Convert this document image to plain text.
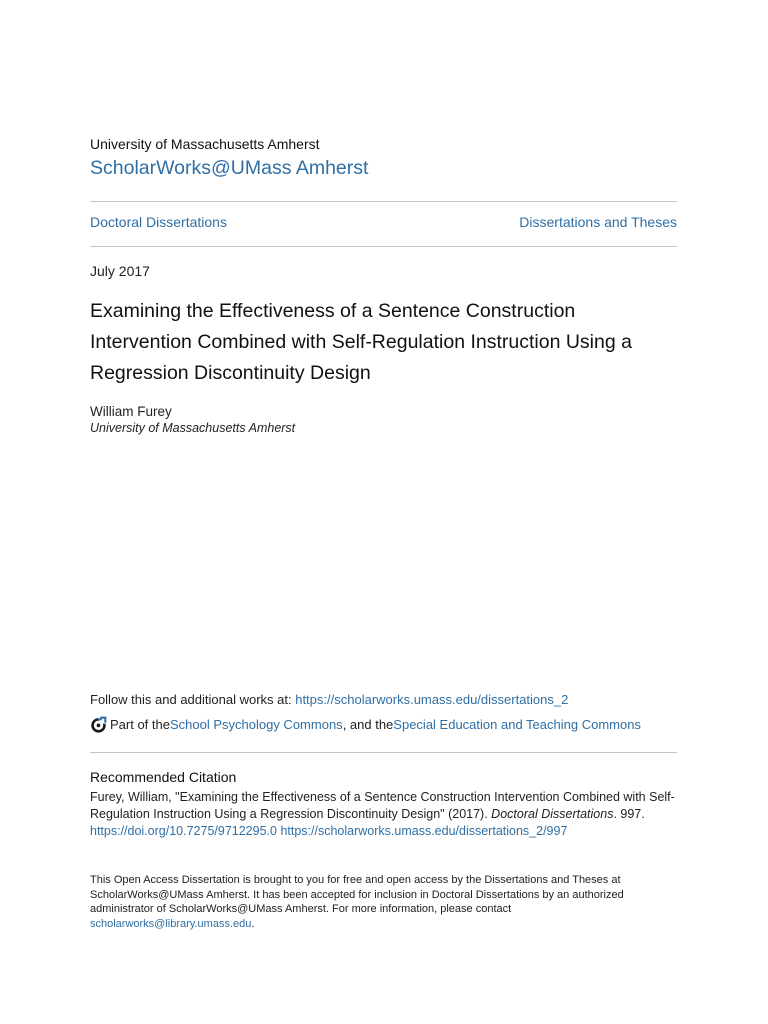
University of Massachusetts Amherst
ScholarWorks@UMass Amherst
Doctoral Dissertations	Dissertations and Theses
July 2017
Examining the Effectiveness of a Sentence Construction
Intervention Combined with Self-Regulation Instruction Using a
Regression Discontinuity Design
William Furey
University of Massachusetts Amherst
Follow this and additional works at: https://scholarworks.umass.edu/dissertations_2
Part of the School Psychology Commons , and the Special Education and Teaching Commons
Recommended Citation
Furey, William, "Examining the Effectiveness of a Sentence Construction Intervention Combined with Self-
Regulation Instruction Using a Regression Discontinuity Design" (2017). Doctoral Dissertations. 997.
https://doi.org/10.7275/9712295.0 https://scholarworks.umass.edu/dissertations_2/997
This Open Access Dissertation is brought to you for free and open access by the Dissertations and Theses at
ScholarWorks@UMass Amherst. It has been accepted for inclusion in Doctoral Dissertations by an authorized
administrator of ScholarWorks@UMass Amherst. For more information, please contact
scholarworks@library.umass.edu.
